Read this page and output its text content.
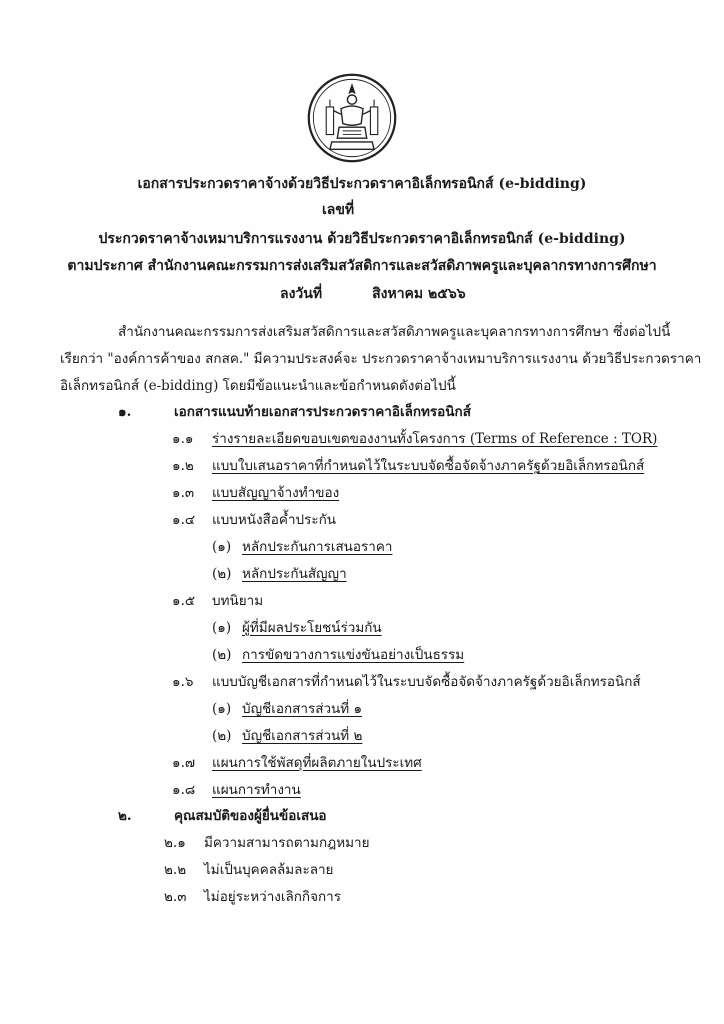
เอกสารประกวดราคาจ้างด้วยวิธีประกวดราคาอิเล็กทรอนิกส์ (e-bidding)
เลขที่
ประกวดราคาจ้างเหมาบริการแรงงาน ด้วยวิธีประกวดราคาอิเล็กทรอนิกส์ (e-bidding)
ตามประกาศ สำนักงานคณะกรรมการส่งเสริมสวัสดิการและสวัสดิภาพครูและบุคลากรทางการศึกษา
ลงวันที่	สิงหาคม ๒๕๖๖
สำนักงานคณะกรรมการส่งเสริมสวัสดิการและสวัสดิภาพครูและบุคลากรทางการศึกษา ซึ่งต่อไปนี้
เรียกว่า "องค์การค้าของ สกสค." มีความประสงค์จะ ประกวดราคาจ้างเหมาบริการแรงงาน ด้วยวิธีประกวดราคา
อิเล็กทรอนิกส์ (e-bidding) โดยมีข้อแนะนำและข้อกำหนดดังต่อไปนี้
๑.	เอกสารแนบท้ายเอกสารประกวดราคาอิเล็กทรอนิกส์
๑.๑	ร่างรายละเอียดขอบเขตของงานทั้งโครงการ (Terms of Reference : TOR)
๑.๒	แบบใบเสนอราคาที่กำหนดไว้ในระบบจัดซื้อจัดจ้างภาครัฐด้วยอิเล็กทรอนิกส์
๑.๓	แบบสัญญาจ้างทำของ
๑.๔	แบบหนังสือค้ำประกัน
(๑) หลักประกันการเสนอราคา
(๒) หลักประกันสัญญา
๑.๕	บทนิยาม
(๑) ผู้ที่มีผลประโยชน์ร่วมกัน
(๒) การขัดขวางการแข่งขันอย่างเป็นธรรม
๑.๖	แบบบัญชีเอกสารที่กำหนดไว้ในระบบจัดซื้อจัดจ้างภาครัฐด้วยอิเล็กทรอนิกส์
(๑) บัญชีเอกสารส่วนที่ ๑
(๒) บัญชีเอกสารส่วนที่ ๒
๑.๗	แผนการใช้พัสดุที่ผลิตภายในประเทศ
๑.๘	แผนการทำงาน
๒.	คุณสมบัติของผู้ยื่นข้อเสนอ
๒.๑	มีความสามารถตามกฎหมาย
๒.๒	ไม่เป็นบุคคลล้มละลาย
๒.๓	ไม่อยู่ระหว่างเลิกกิจการ
